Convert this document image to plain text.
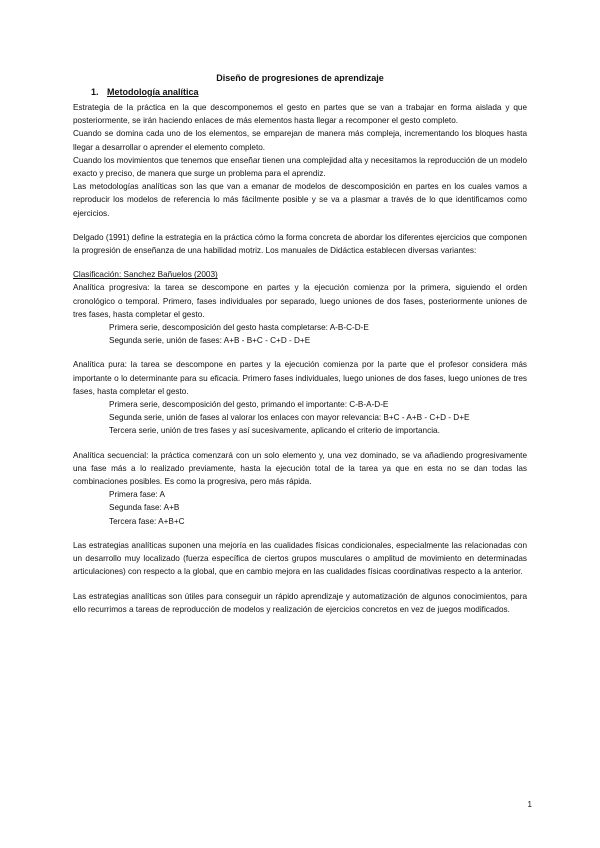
Diseño de progresiones de aprendizaje
1. Metodología analítica

Estrategia de la práctica en la que descomponemos el gesto en partes que se van a trabajar en forma aislada y que posteriormente, se irán haciendo enlaces de más elementos hasta llegar a recomponer el gesto completo.

Cuando se domina cada uno de los elementos, se emparejan de manera más compleja, incrementando los bloques hasta llegar a desarrollar o aprender el elemento completo.

Cuando los movimientos que tenemos que enseñar tienen una complejidad alta y necesitamos la reproducción de un modelo exacto y preciso, de manera que surge un problema para el aprendiz.

Las metodologías analíticas son las que van a emanar de modelos de descomposición en partes en los cuales vamos a reproducir los modelos de referencia lo más fácilmente posible y se va a plasmar a través de lo que identificamos como ejercicios.

Delgado (1991) define la estrategia en la práctica cómo la forma concreta de abordar los diferentes ejercicios que componen la progresión de enseñanza de una habilidad motriz. Los manuales de Didáctica establecen diversas variantes:

Clasificación: Sanchez Bañuelos (2003)

Analítica progresiva: la tarea se descompone en partes y la ejecución comienza por la primera, siguiendo el orden cronológico o temporal. Primero, fases individuales por separado, luego uniones de dos fases, posteriormente uniones de tres fases, hasta completar el gesto.

Primera serie, descomposición del gesto hasta completarse: A-B-C-D-E

Segunda serie, unión de fases: A+B - B+C - C+D - D+E

Analítica pura: la tarea se descompone en partes y la ejecución comienza por la parte que el profesor considera más importante o lo determinante para su eficacia. Primero fases individuales, luego uniones de dos fases, luego uniones de tres fases, hasta completar el gesto.

Primera serie, descomposición del gesto, primando el importante: C-B-A-D-E

Segunda serie, unión de fases al valorar los enlaces con mayor relevancia: B+C - A+B - C+D - D+E

Tercera serie, unión de tres fases y así sucesivamente, aplicando el criterio de importancia.

Analítica secuencial: la práctica comenzará con un solo elemento y, una vez dominado, se va añadiendo progresivamente una fase más a lo realizado previamente, hasta la ejecución total de la tarea ya que en esta no se dan todas las combinaciones posibles. Es como la progresiva, pero más rápida.

Primera fase: A

Segunda fase: A+B

Tercera fase: A+B+C

Las estrategias analíticas suponen una mejoría en las cualidades físicas condicionales, especialmente las relacionadas con un desarrollo muy localizado (fuerza específica de ciertos grupos musculares o amplitud de movimiento en determinadas articulaciones) con respecto a la global, que en cambio mejora en las cualidades físicas coordinativas respecto a la anterior.

Las estrategias analíticas son útiles para conseguir un rápido aprendizaje y automatización de algunos conocimientos, para ello recurrimos a tareas de reproducción de modelos y realización de ejercicios concretos en vez de juegos modificados.

1
